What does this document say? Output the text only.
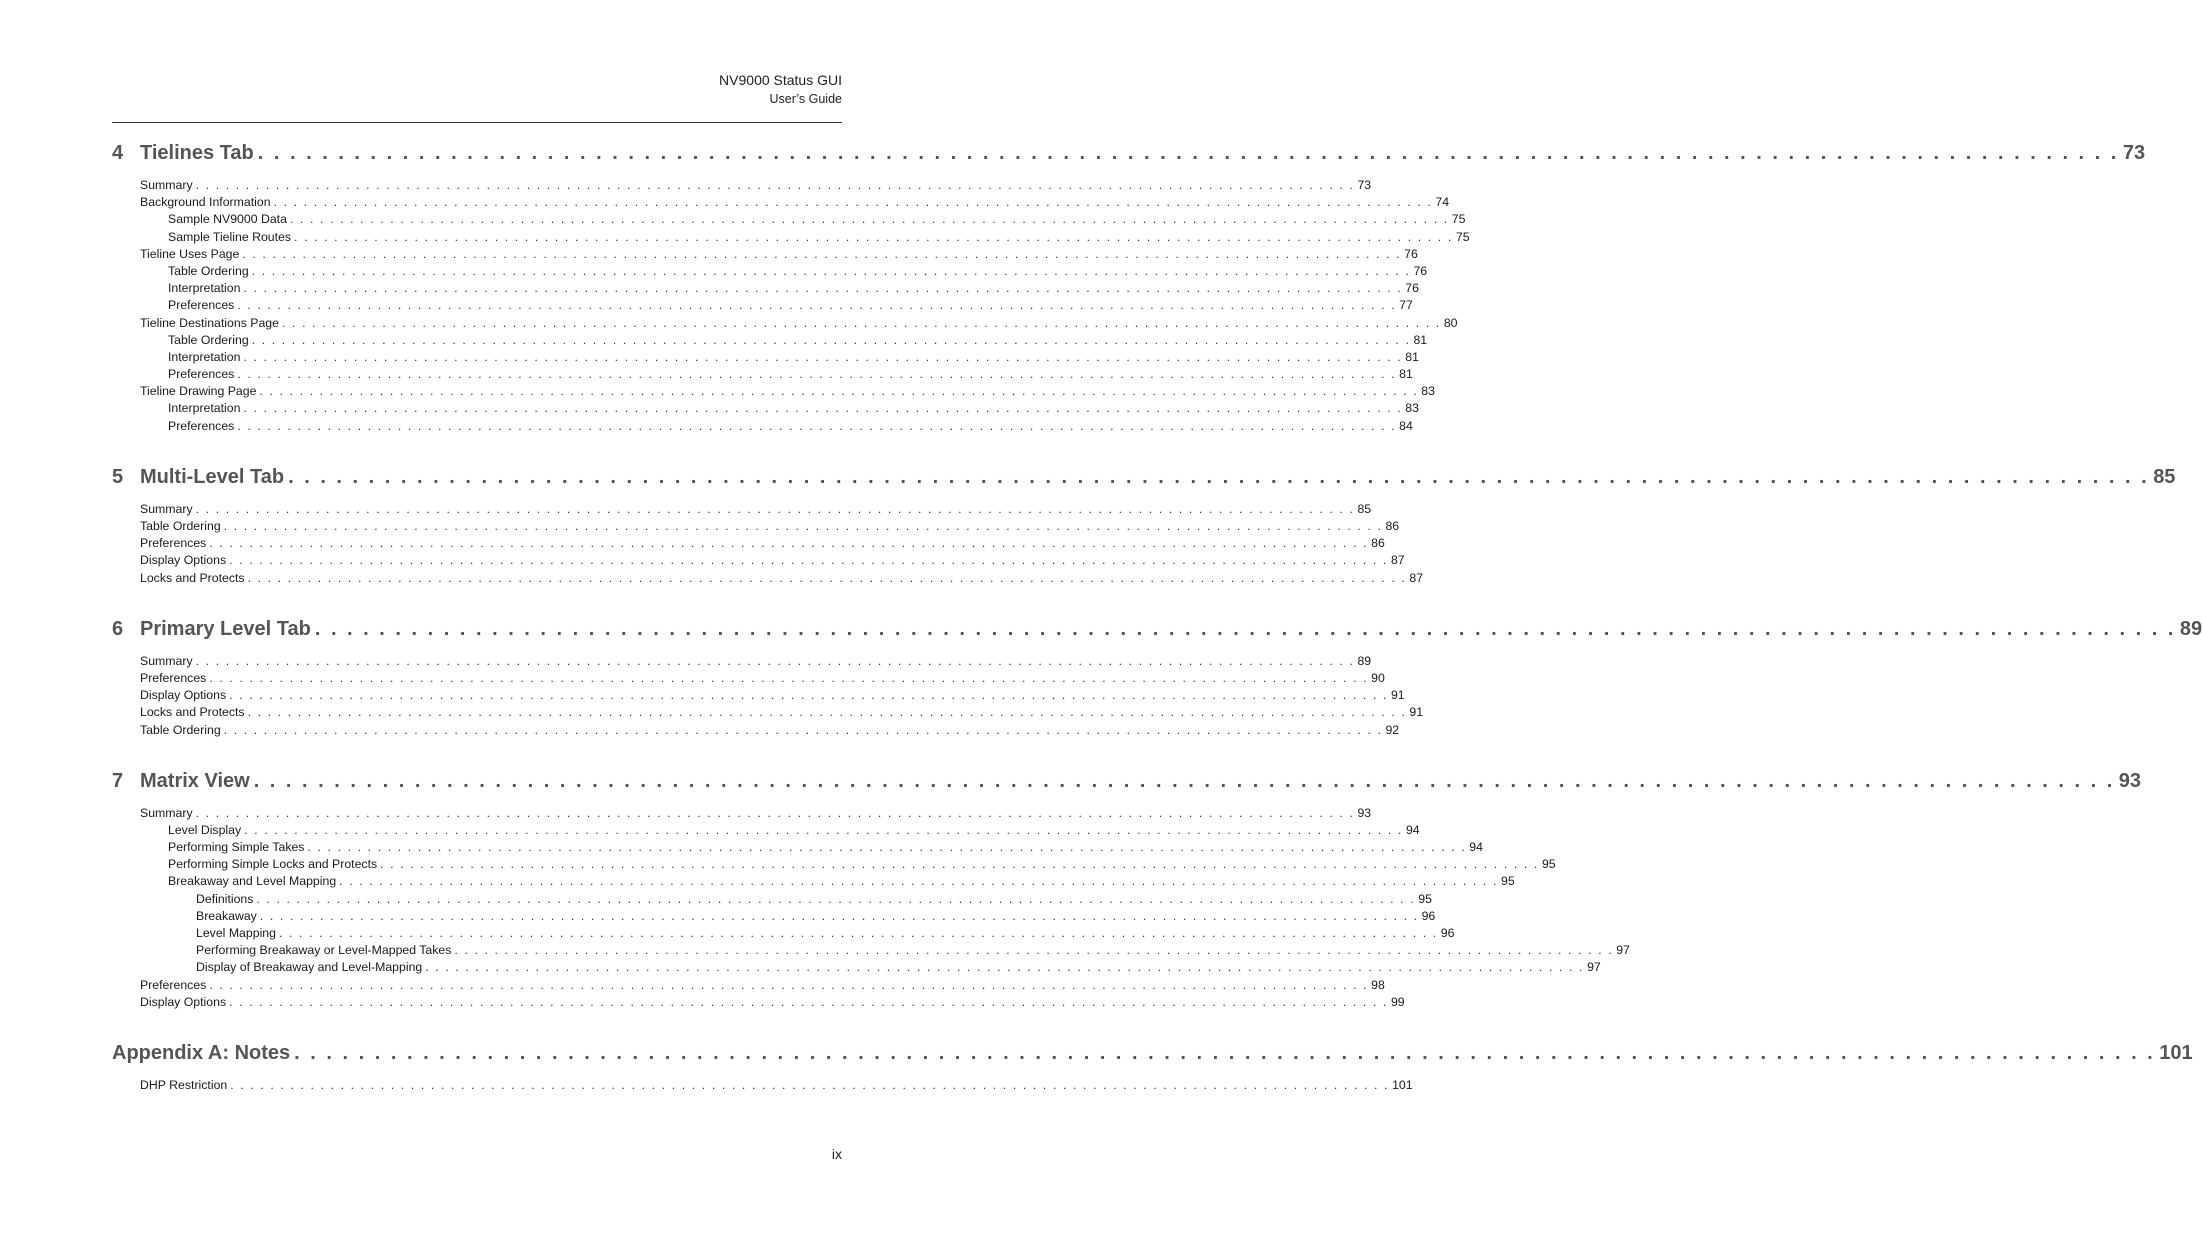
NV9000 Status GUI
User’s Guide
4 Tielines Tab . . . . . . . . . . . . . . . . . . . . . . . . . . . . . . . . . . . . . . . . . . . . . . . . . . . . . . . . . . . . . . . . . . . . . . . . . . . . . . . . . . . . . . . . . . . . . . . . . . . . . . . . . . . . . . . . . . . . 73
Summary . . . . . . . . . . . . . . . . . . . . . . . . . . . . . . . . . . . . . . . . . . . . . . . . . . . . . . . . . . . . . . . . . . . . . . . . . . . . . . . . . . . . . . . . . . . . . . . . . . . . . . . . . . . . . . . . . . . . 73
Background Information . . . . . . . . . . . . . . . . . . . . . . . . . . . . . . . . . . . . . . . . . . . . . . . . . . . . . . . . . . . . . . . . . . . . . . . . . . . . . . . . . . . . . . . . . . . . . . . . . . . . . . . . . . . . . . . . . . . . 74
Sample NV9000 Data . . . . . . . . . . . . . . . . . . . . . . . . . . . . . . . . . . . . . . . . . . . . . . . . . . . . . . . . . . . . . . . . . . . . . . . . . . . . . . . . . . . . . . . . . . . . . . . . . . . . . . . . . . . . . . . . . . . . 75
Sample Tieline Routes . . . . . . . . . . . . . . . . . . . . . . . . . . . . . . . . . . . . . . . . . . . . . . . . . . . . . . . . . . . . . . . . . . . . . . . . . . . . . . . . . . . . . . . . . . . . . . . . . . . . . . . . . . . . . . . . . . . . 75
Tieline Uses Page . . . . . . . . . . . . . . . . . . . . . . . . . . . . . . . . . . . . . . . . . . . . . . . . . . . . . . . . . . . . . . . . . . . . . . . . . . . . . . . . . . . . . . . . . . . . . . . . . . . . . . . . . . . . . . . . . . . . 76
Table Ordering . . . . . . . . . . . . . . . . . . . . . . . . . . . . . . . . . . . . . . . . . . . . . . . . . . . . . . . . . . . . . . . . . . . . . . . . . . . . . . . . . . . . . . . . . . . . . . . . . . . . . . . . . . . . . . . . . . . . 76
Interpretation . . . . . . . . . . . . . . . . . . . . . . . . . . . . . . . . . . . . . . . . . . . . . . . . . . . . . . . . . . . . . . . . . . . . . . . . . . . . . . . . . . . . . . . . . . . . . . . . . . . . . . . . . . . . . . . . . . . . 76
Preferences . . . . . . . . . . . . . . . . . . . . . . . . . . . . . . . . . . . . . . . . . . . . . . . . . . . . . . . . . . . . . . . . . . . . . . . . . . . . . . . . . . . . . . . . . . . . . . . . . . . . . . . . . . . . . . . . . . . . 77
Tieline Destinations Page . . . . . . . . . . . . . . . . . . . . . . . . . . . . . . . . . . . . . . . . . . . . . . . . . . . . . . . . . . . . . . . . . . . . . . . . . . . . . . . . . . . . . . . . . . . . . . . . . . . . . . . . . . . . . . . . . . . . 80
Table Ordering . . . . . . . . . . . . . . . . . . . . . . . . . . . . . . . . . . . . . . . . . . . . . . . . . . . . . . . . . . . . . . . . . . . . . . . . . . . . . . . . . . . . . . . . . . . . . . . . . . . . . . . . . . . . . . . . . . . . 81
Interpretation . . . . . . . . . . . . . . . . . . . . . . . . . . . . . . . . . . . . . . . . . . . . . . . . . . . . . . . . . . . . . . . . . . . . . . . . . . . . . . . . . . . . . . . . . . . . . . . . . . . . . . . . . . . . . . . . . . . . 81
Preferences . . . . . . . . . . . . . . . . . . . . . . . . . . . . . . . . . . . . . . . . . . . . . . . . . . . . . . . . . . . . . . . . . . . . . . . . . . . . . . . . . . . . . . . . . . . . . . . . . . . . . . . . . . . . . . . . . . . . 81
Tieline Drawing Page . . . . . . . . . . . . . . . . . . . . . . . . . . . . . . . . . . . . . . . . . . . . . . . . . . . . . . . . . . . . . . . . . . . . . . . . . . . . . . . . . . . . . . . . . . . . . . . . . . . . . . . . . . . . . . . . . . . . 83
Interpretation . . . . . . . . . . . . . . . . . . . . . . . . . . . . . . . . . . . . . . . . . . . . . . . . . . . . . . . . . . . . . . . . . . . . . . . . . . . . . . . . . . . . . . . . . . . . . . . . . . . . . . . . . . . . . . . . . . . . 83
Preferences . . . . . . . . . . . . . . . . . . . . . . . . . . . . . . . . . . . . . . . . . . . . . . . . . . . . . . . . . . . . . . . . . . . . . . . . . . . . . . . . . . . . . . . . . . . . . . . . . . . . . . . . . . . . . . . . . . . . 84
5 Multi-Level Tab . . . . . . . . . . . . . . . . . . . . . . . . . . . . . . . . . . . . . . . . . . . . . . . . . . . . . . . . . . . . . . . . . . . . . . . . . . . . . . . . . . . . . . . . . . . . . . . . . . . . . . . . . . . . . . . . . . . . 85
Summary . . . . . . . . . . . . . . . . . . . . . . . . . . . . . . . . . . . . . . . . . . . . . . . . . . . . . . . . . . . . . . . . . . . . . . . . . . . . . . . . . . . . . . . . . . . . . . . . . . . . . . . . . . . . . . . . . . . . 85
Table Ordering . . . . . . . . . . . . . . . . . . . . . . . . . . . . . . . . . . . . . . . . . . . . . . . . . . . . . . . . . . . . . . . . . . . . . . . . . . . . . . . . . . . . . . . . . . . . . . . . . . . . . . . . . . . . . . . . . . . . 86
Preferences . . . . . . . . . . . . . . . . . . . . . . . . . . . . . . . . . . . . . . . . . . . . . . . . . . . . . . . . . . . . . . . . . . . . . . . . . . . . . . . . . . . . . . . . . . . . . . . . . . . . . . . . . . . . . . . . . . . . 86
Display Options . . . . . . . . . . . . . . . . . . . . . . . . . . . . . . . . . . . . . . . . . . . . . . . . . . . . . . . . . . . . . . . . . . . . . . . . . . . . . . . . . . . . . . . . . . . . . . . . . . . . . . . . . . . . . . . . . . . . 87
Locks and Protects . . . . . . . . . . . . . . . . . . . . . . . . . . . . . . . . . . . . . . . . . . . . . . . . . . . . . . . . . . . . . . . . . . . . . . . . . . . . . . . . . . . . . . . . . . . . . . . . . . . . . . . . . . . . . . . . . . . . 87
6 Primary Level Tab . . . . . . . . . . . . . . . . . . . . . . . . . . . . . . . . . . . . . . . . . . . . . . . . . . . . . . . . . . . . . . . . . . . . . . . . . . . . . . . . . . . . . . . . . . . . . . . . . . . . . . . . . . . . . . . . . . . . 89
Summary . . . . . . . . . . . . . . . . . . . . . . . . . . . . . . . . . . . . . . . . . . . . . . . . . . . . . . . . . . . . . . . . . . . . . . . . . . . . . . . . . . . . . . . . . . . . . . . . . . . . . . . . . . . . . . . . . . . . 89
Preferences . . . . . . . . . . . . . . . . . . . . . . . . . . . . . . . . . . . . . . . . . . . . . . . . . . . . . . . . . . . . . . . . . . . . . . . . . . . . . . . . . . . . . . . . . . . . . . . . . . . . . . . . . . . . . . . . . . . . 90
Display Options . . . . . . . . . . . . . . . . . . . . . . . . . . . . . . . . . . . . . . . . . . . . . . . . . . . . . . . . . . . . . . . . . . . . . . . . . . . . . . . . . . . . . . . . . . . . . . . . . . . . . . . . . . . . . . . . . . . . 91
Locks and Protects . . . . . . . . . . . . . . . . . . . . . . . . . . . . . . . . . . . . . . . . . . . . . . . . . . . . . . . . . . . . . . . . . . . . . . . . . . . . . . . . . . . . . . . . . . . . . . . . . . . . . . . . . . . . . . . . . . . . 91
Table Ordering . . . . . . . . . . . . . . . . . . . . . . . . . . . . . . . . . . . . . . . . . . . . . . . . . . . . . . . . . . . . . . . . . . . . . . . . . . . . . . . . . . . . . . . . . . . . . . . . . . . . . . . . . . . . . . . . . . . . 92
7 Matrix View . . . . . . . . . . . . . . . . . . . . . . . . . . . . . . . . . . . . . . . . . . . . . . . . . . . . . . . . . . . . . . . . . . . . . . . . . . . . . . . . . . . . . . . . . . . . . . . . . . . . . . . . . . . . . . . . . . . . 93
Summary . . . . . . . . . . . . . . . . . . . . . . . . . . . . . . . . . . . . . . . . . . . . . . . . . . . . . . . . . . . . . . . . . . . . . . . . . . . . . . . . . . . . . . . . . . . . . . . . . . . . . . . . . . . . . . . . . . . . 93
Level Display . . . . . . . . . . . . . . . . . . . . . . . . . . . . . . . . . . . . . . . . . . . . . . . . . . . . . . . . . . . . . . . . . . . . . . . . . . . . . . . . . . . . . . . . . . . . . . . . . . . . . . . . . . . . . . . . . . . . 94
Performing Simple Takes . . . . . . . . . . . . . . . . . . . . . . . . . . . . . . . . . . . . . . . . . . . . . . . . . . . . . . . . . . . . . . . . . . . . . . . . . . . . . . . . . . . . . . . . . . . . . . . . . . . . . . . . . . . . . . . . . . . . 94
Performing Simple Locks and Protects . . . . . . . . . . . . . . . . . . . . . . . . . . . . . . . . . . . . . . . . . . . . . . . . . . . . . . . . . . . . . . . . . . . . . . . . . . . . . . . . . . . . . . . . . . . . . . . . . . . . . . . . . . . . . . . . . . . . 95
Breakaway and Level Mapping . . . . . . . . . . . . . . . . . . . . . . . . . . . . . . . . . . . . . . . . . . . . . . . . . . . . . . . . . . . . . . . . . . . . . . . . . . . . . . . . . . . . . . . . . . . . . . . . . . . . . . . . . . . . . . . . . . . . 95
Definitions . . . . . . . . . . . . . . . . . . . . . . . . . . . . . . . . . . . . . . . . . . . . . . . . . . . . . . . . . . . . . . . . . . . . . . . . . . . . . . . . . . . . . . . . . . . . . . . . . . . . . . . . . . . . . . . . . . . . 95
Breakaway . . . . . . . . . . . . . . . . . . . . . . . . . . . . . . . . . . . . . . . . . . . . . . . . . . . . . . . . . . . . . . . . . . . . . . . . . . . . . . . . . . . . . . . . . . . . . . . . . . . . . . . . . . . . . . . . . . . . 96
Level Mapping . . . . . . . . . . . . . . . . . . . . . . . . . . . . . . . . . . . . . . . . . . . . . . . . . . . . . . . . . . . . . . . . . . . . . . . . . . . . . . . . . . . . . . . . . . . . . . . . . . . . . . . . . . . . . . . . . . . . 96
Performing Breakaway or Level-Mapped Takes . . . . . . . . . . . . . . . . . . . . . . . . . . . . . . . . . . . . . . . . . . . . . . . . . . . . . . . . . . . . . . . . . . . . . . . . . . . . . . . . . . . . . . . . . . . . . . . . . . . . . . . . . . . . . . . . . . . . 97
Display of Breakaway and Level-Mapping . . . . . . . . . . . . . . . . . . . . . . . . . . . . . . . . . . . . . . . . . . . . . . . . . . . . . . . . . . . . . . . . . . . . . . . . . . . . . . . . . . . . . . . . . . . . . . . . . . . . . . . . . . . . . . . . . . . . 97
Preferences . . . . . . . . . . . . . . . . . . . . . . . . . . . . . . . . . . . . . . . . . . . . . . . . . . . . . . . . . . . . . . . . . . . . . . . . . . . . . . . . . . . . . . . . . . . . . . . . . . . . . . . . . . . . . . . . . . . . 98
Display Options . . . . . . . . . . . . . . . . . . . . . . . . . . . . . . . . . . . . . . . . . . . . . . . . . . . . . . . . . . . . . . . . . . . . . . . . . . . . . . . . . . . . . . . . . . . . . . . . . . . . . . . . . . . . . . . . . . . . 99
Appendix A: Notes . . . . . . . . . . . . . . . . . . . . . . . . . . . . . . . . . . . . . . . . . . . . . . . . . . . . . . . . . . . . . . . . . . . . . . . . . . . . . . . . . . . . . . . . . . . . . . . . . . . . . . . . . . . . . . . . . . . . 101
DHP Restriction . . . . . . . . . . . . . . . . . . . . . . . . . . . . . . . . . . . . . . . . . . . . . . . . . . . . . . . . . . . . . . . . . . . . . . . . . . . . . . . . . . . . . . . . . . . . . . . . . . . . . . . . . . . . . . . . . . . . 101
ix
